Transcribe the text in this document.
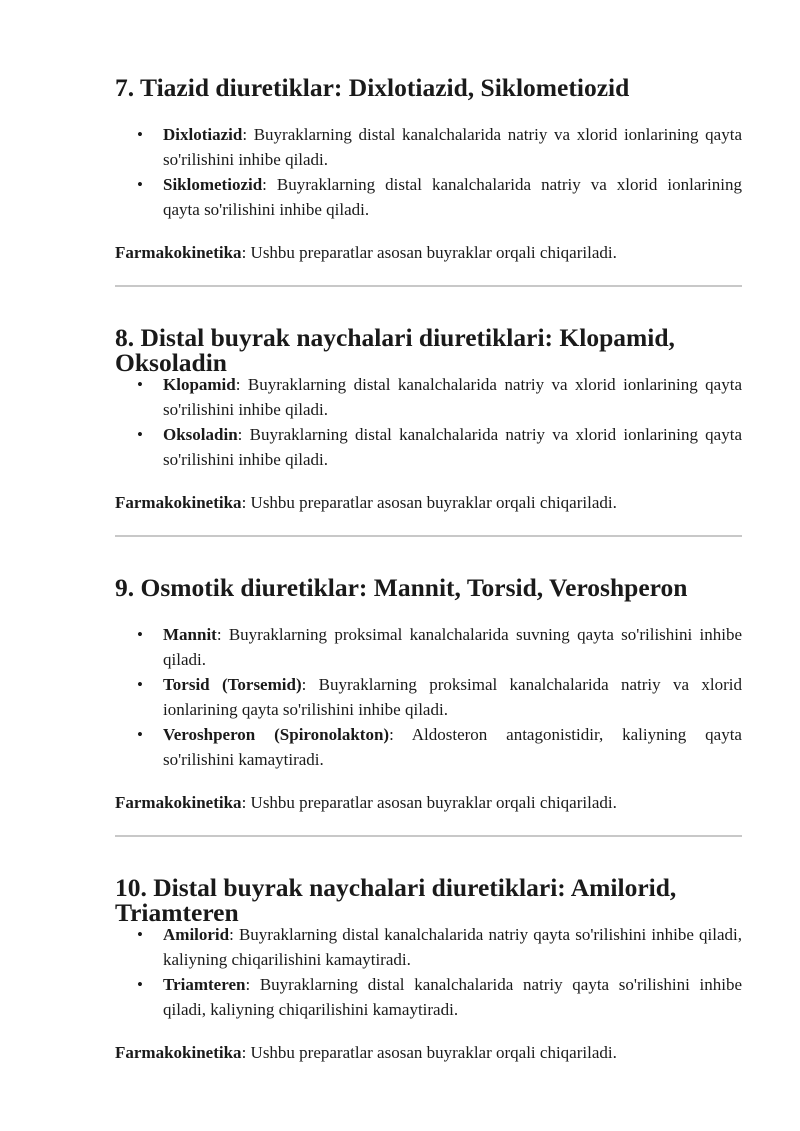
7. Tiazid diuretiklar: Dixlotiazid, Siklometiozid
• Dixlotiazid: Buyraklarning distal kanalchalarida natriy va xlorid ionlarining qayta so'rilishini inhibe qiladi.
• Siklometiozid: Buyraklarning distal kanalchalarida natriy va xlorid ionlarining qayta so'rilishini inhibe qiladi.

Farmakokinetika: Ushbu preparatlar asosan buyraklar orqali chiqariladi.

8. Distal buyrak naychalari diuretiklari: Klopamid, Oksoladin
• Klopamid: Buyraklarning distal kanalchalarida natriy va xlorid ionlarining qayta so'rilishini inhibe qiladi.
• Oksoladin: Buyraklarning distal kanalchalarida natriy va xlorid ionlarining qayta so'rilishini inhibe qiladi.

Farmakokinetika: Ushbu preparatlar asosan buyraklar orqali chiqariladi.

9. Osmotik diuretiklar: Mannit, Torsid, Veroshperon
• Mannit: Buyraklarning proksimal kanalchalarida suvning qayta so'rilishini inhibe qiladi.
• Torsid (Torsemid): Buyraklarning proksimal kanalchalarida natriy va xlorid ionlarining qayta so'rilishini inhibe qiladi.
• Veroshperon (Spironolakton): Aldosteron antagonistidir, kaliyning qayta so'rilishini kamaytiradi.

Farmakokinetika: Ushbu preparatlar asosan buyraklar orqali chiqariladi.

10. Distal buyrak naychalari diuretiklari: Amilorid, Triamteren
• Amilorid: Buyraklarning distal kanalchalarida natriy qayta so'rilishini inhibe qiladi, kaliyning chiqarilishini kamaytiradi.
• Triamteren: Buyraklarning distal kanalchalarida natriy qayta so'rilishini inhibe qiladi, kaliyning chiqarilishini kamaytiradi.

Farmakokinetika: Ushbu preparatlar asosan buyraklar orqali chiqariladi.
